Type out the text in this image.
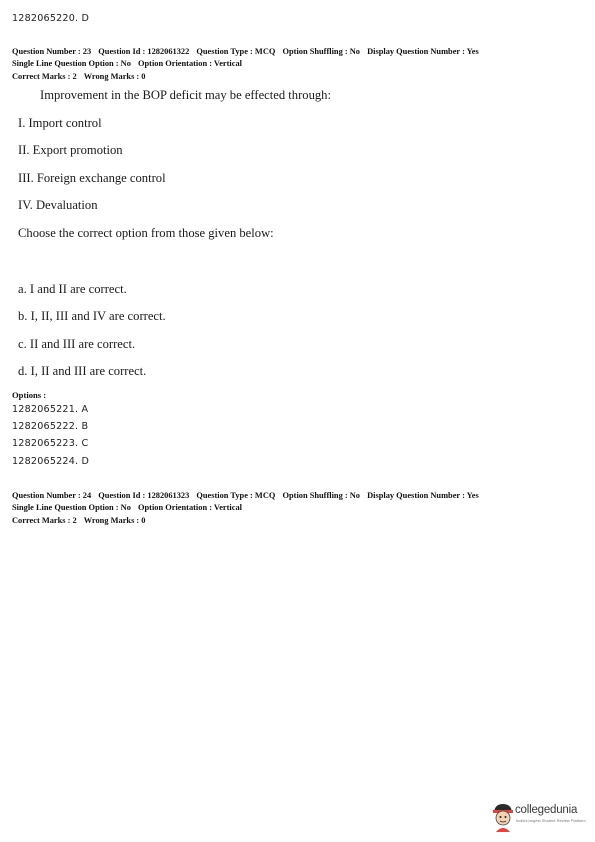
1282065220. D
Question Number : 23 Question Id : 1282061322 Question Type : MCQ Option Shuffling : No Display Question Number : Yes
Single Line Question Option : No Option Orientation : Vertical
Correct Marks : 2 Wrong Marks : 0
Improvement in the BOP deficit may be effected through:
I. Import control
II. Export promotion
III. Foreign exchange control
IV. Devaluation
Choose the correct option from those given below:
a. I and II are correct.
b. I, II, III and IV are correct.
c. II and III are correct.
d. I, II and III are correct.
Options :
1282065221. A
1282065222. B
1282065223. C
1282065224. D
Question Number : 24 Question Id : 1282061323 Question Type : MCQ Option Shuffling : No Display Question Number : Yes
Single Line Question Option : No Option Orientation : Vertical
Correct Marks : 2 Wrong Marks : 0
collegedunia
India's largest Student Review Platform
